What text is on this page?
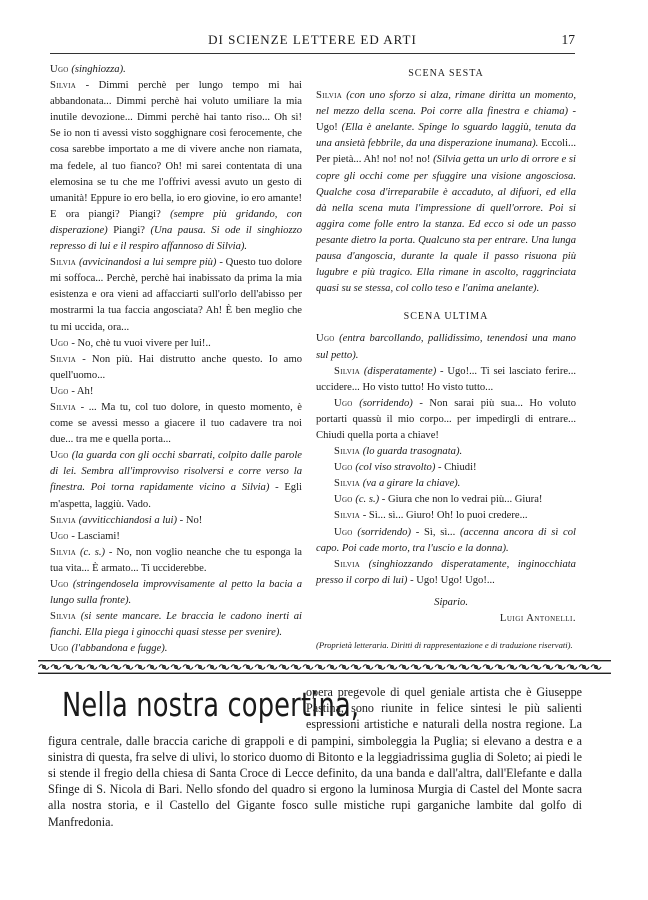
DI SCIENZE LETTERE ED ARTI	17

Ugo (singhiozza).

Silvia - Dimmi perchè per lungo tempo mi hai abbandonata... Dimmi perchè hai voluto umiliare la mia inutile devozione... Dimmi perchè hai tanto riso... Oh sì! Se io non ti avessi visto sogghignare così ferocemente, che cosa sarebbe importato a me di vivere anche non riamata, ma fedele, al tuo fianco? Oh! mi sarei contentata di una elemosina se tu che me l'offrivi avessi avuto un gesto di umanità! Eppure io ero bella, io ero giovine, io ero amante! E ora piangi? Piangi? (sempre più gridando, con disperazione) Piangi? (Una pausa. Si ode il singhiozzo represso di lui e il respiro affannoso di Silvia).

Silvia (avvicinandosi a lui sempre più) - Questo tuo dolore mi soffoca... Perchè, perchè hai inabissato da prima la mia esistenza e ora vieni ad affacciarti sull'orlo dell'abisso per mostrarmi la tua faccia angosciata? Ah! È ben meglio che tu mi uccida, ora...

Ugo - No, chè tu vuoi vivere per lui!..

Silvia - Non più. Hai distrutto anche questo. Io amo quell'uomo...

Ugo - Ah!

Silvia - ... Ma tu, col tuo dolore, in questo momento, è come se avessi messo a giacere il tuo cadavere tra noi due... tra me e quella porta...

Ugo (la guarda con gli occhi sbarrati, colpito dalle parole di lei. Sembra all'improvviso risolversi e corre verso la finestra. Poi torna rapidamente vicino a Silvia) - Egli m'aspetta, laggiù. Vado.

Silvia (avviticchiandosi a lui) - No!

Ugo - Lasciami!

Silvia (c. s.) - No, non voglio neanche che tu esponga la tua vita... È armato... Ti ucciderebbe.

Ugo (stringendosela improvvisamente al petto la bacia a lungo sulla fronte).

Silvia (si sente mancare. Le braccia le cadono inerti ai fianchi. Ella piega i ginocchi quasi stesse per svenire).

Ugo (l'abbandona e fugge).

SCENA SESTA

Silvia (con uno sforzo si alza, rimane diritta un momento, nel mezzo della scena. Poi corre alla finestra e chiama) - Ugo! (Ella è anelante. Spinge lo sguardo laggiù, tenuta da una ansietà febbrile, da una disperazione inumana). Eccoli... Per pietà... Ah! no! no! no! (Silvia getta un urlo di orrore e si copre gli occhi come per sfuggire una visione angosciosa. Qualche cosa d'irreparabile è accaduto, al difuori, ed ella dà nella scena muta l'impressione di quell'orrore. Poi si aggira come folle entro la stanza. Ed ecco si ode un passo pesante dietro la porta. Qualcuno sta per entrare. Una lunga pausa d'angoscia, durante la quale il passo risuona più lugubre e più tragico. Ella rimane in ascolto, raggrinciata quasi su se stessa, col collo teso e l'anima anelante).

SCENA ULTIMA

Ugo (entra barcollando, pallidissimo, tenendosi una mano sul petto).

Silvia (disperatamente) - Ugo!... Ti sei lasciato ferire... uccidere... Ho visto tutto! Ho visto tutto...

Ugo (sorridendo) - Non sarai più sua... Ho voluto portarti quassù il mio corpo... per impedirgli di entrare... Chiudi quella porta a chiave!

Silvia (lo guarda trasognata).

Ugo (col viso stravolto) - Chiudi!

Silvia (va a girare la chiave).

Ugo (c. s.) - Giura che non lo vedrai più... Giura!

Silvia - Sì... sì... Giuro! Oh! lo puoi credere...

Ugo (sorridendo) - Sì, sì... (accenna ancora di sì col capo. Poi cade morto, tra l'uscio e la donna).

Silvia (singhiozzando disperatamente, inginocchiata presso il corpo di lui) - Ugo! Ugo! Ugo!...

Sipario.
Luigi Antonelli.
(Proprietà letteraria. Diritti di rappresentazione e di traduzione riservati).
Nella nostra copertina,
opera pregevole di quel geniale artista che è Giuseppe Pàstina, sono riunite in felice sintesi le più salienti espressioni artistiche e naturali della nostra regione. La figura centrale, dalle braccia cariche di grappoli e di pampini, simboleggia la Puglia; si elevano a destra e a sinistra di questa, fra selve di ulivi, lo storico duomo di Bitonto e la leggiadrissima guglia di Soleto; ai piedi le si stende il fregio della chiesa di Santa Croce di Lecce definito, da una banda e dall'altra, dall'Elefante e dalla Sfinge di S. Nicola di Bari. Nello sfondo del quadro si ergono la luminosa Murgia di Castel del Monte sacra alla nostra storia, e il Castello del Gigante fosco sulle mistiche rupi garganiche lambite dal golfo di Manfredonia.
